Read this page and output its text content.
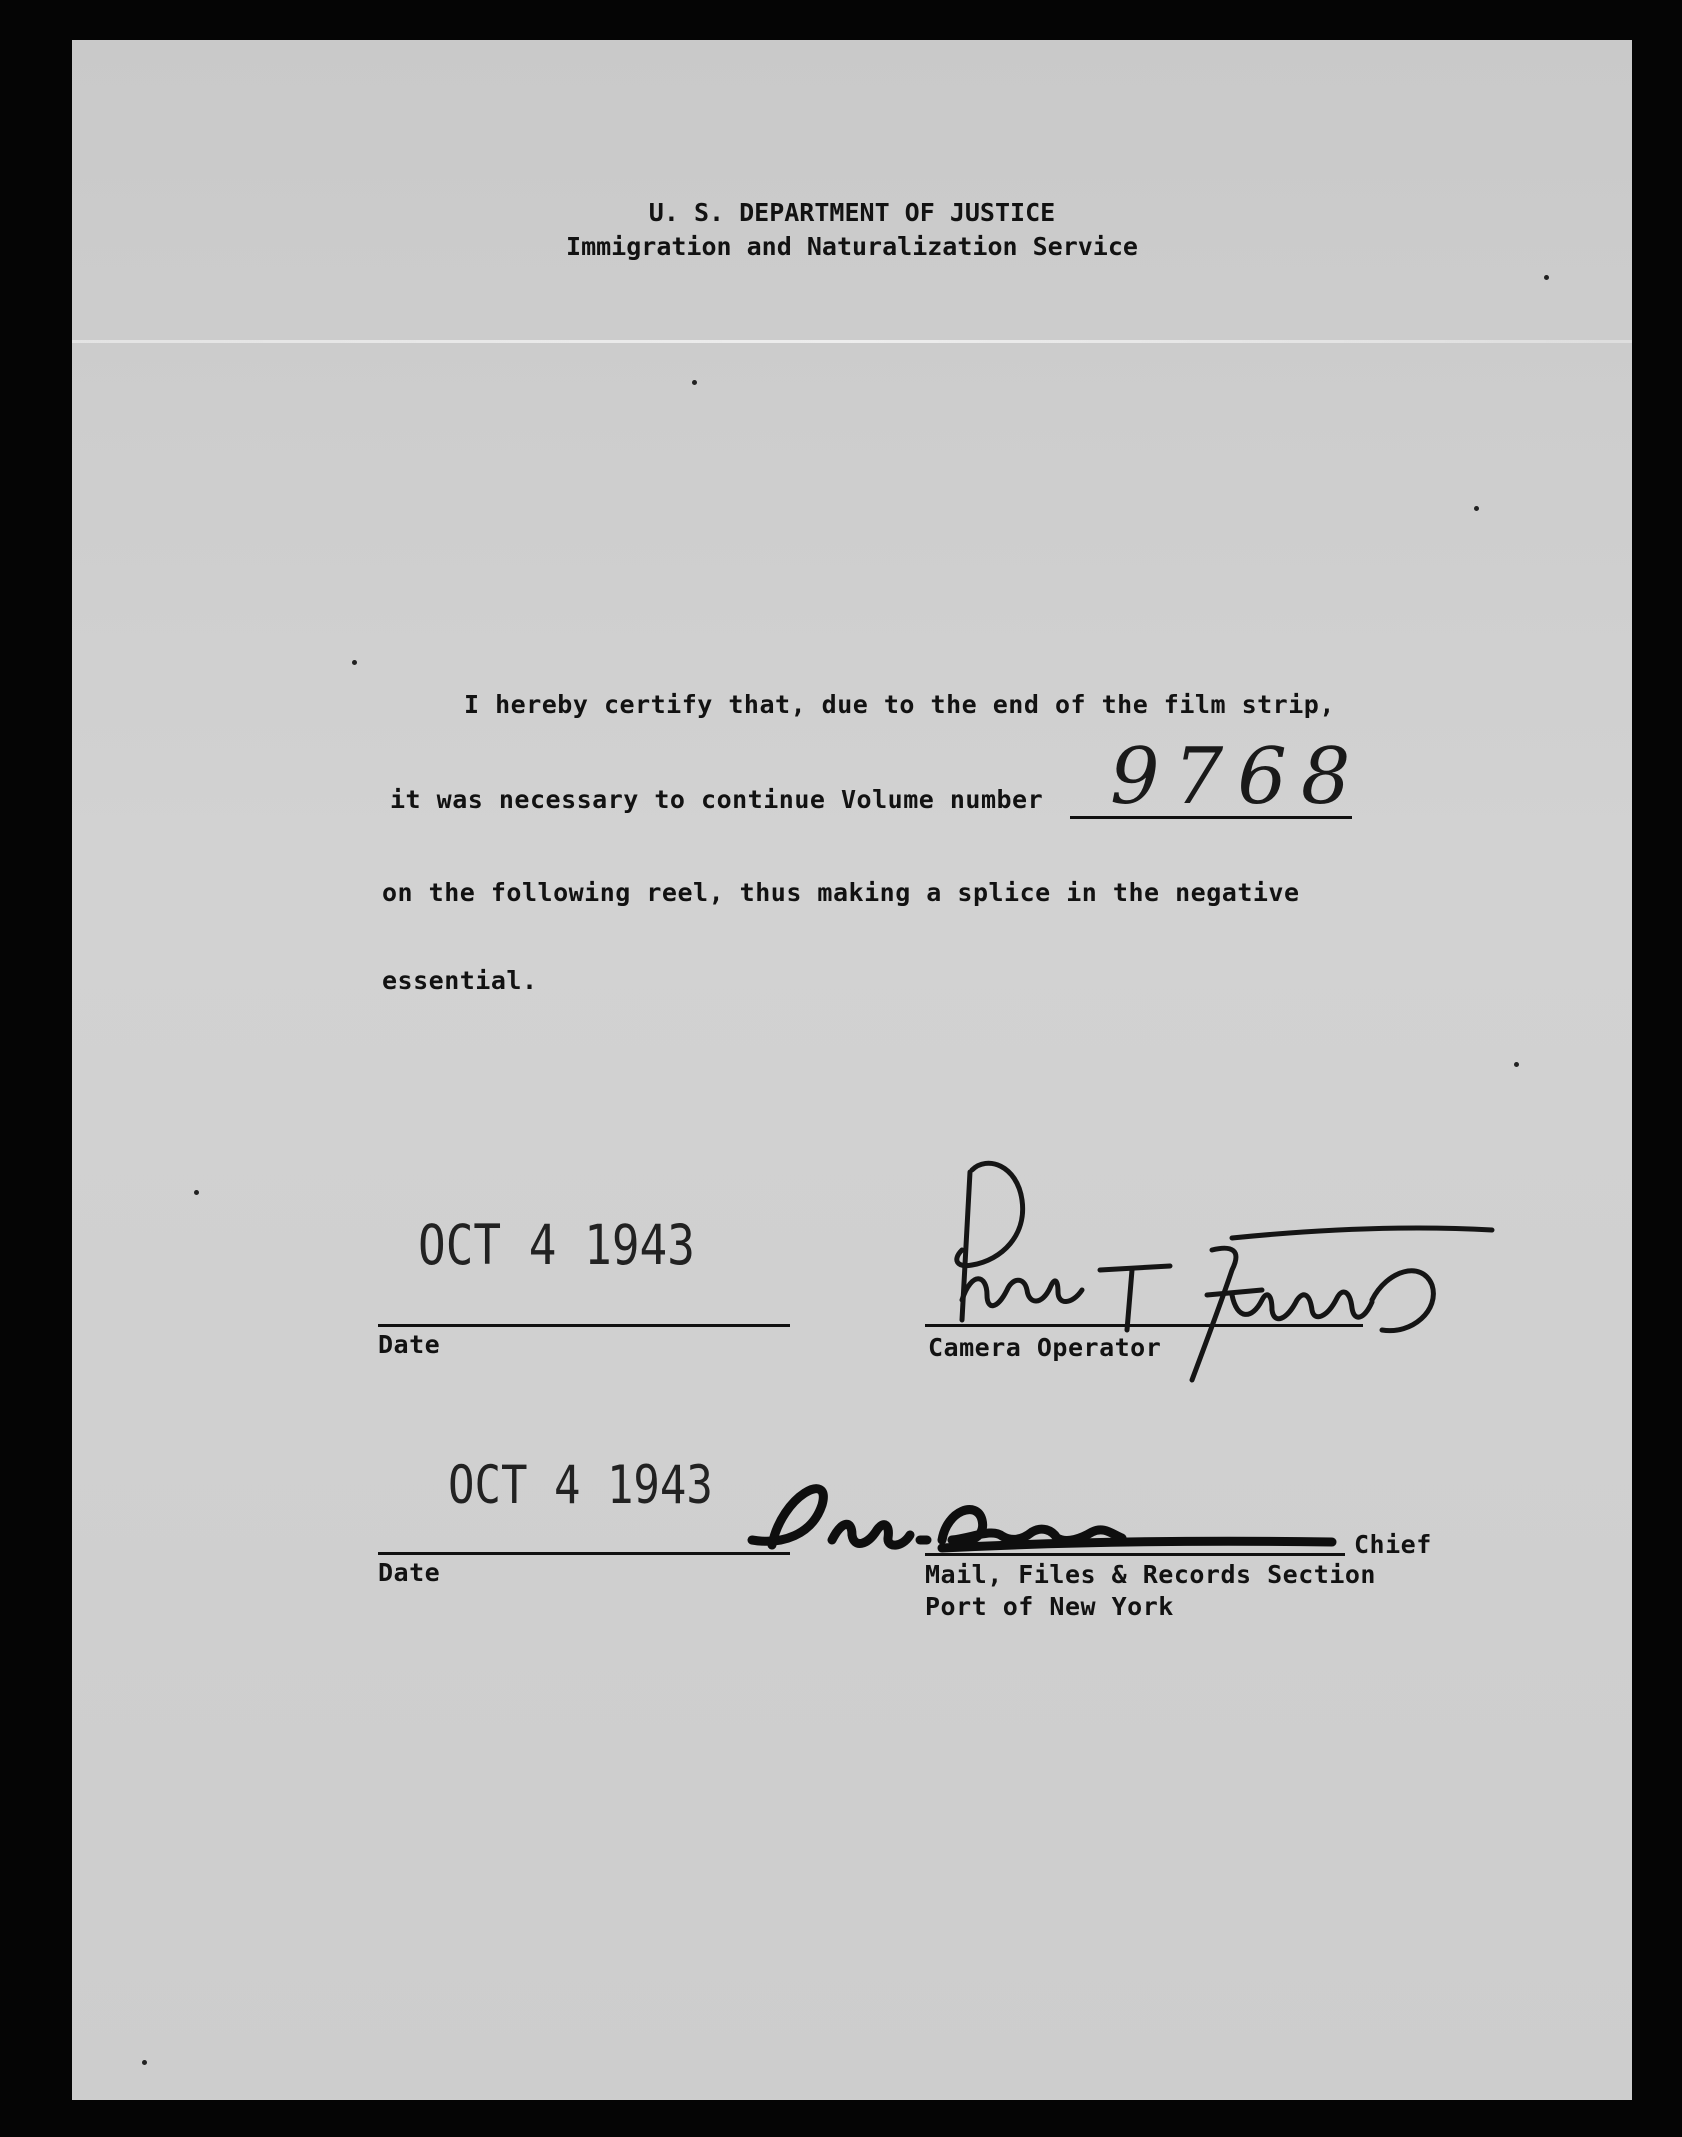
U. S. DEPARTMENT OF JUSTICE
Immigration and Naturalization Service
I hereby certify that, due to the end of the film strip,
it was necessary to continue Volume number 9768
on the following reel, thus making a splice in the negative
essential.
OCT 4 1943
Date	Camera Operator
OCT 4 1943
Date
Chief
Mail, Files & Records Section
Port of New York
